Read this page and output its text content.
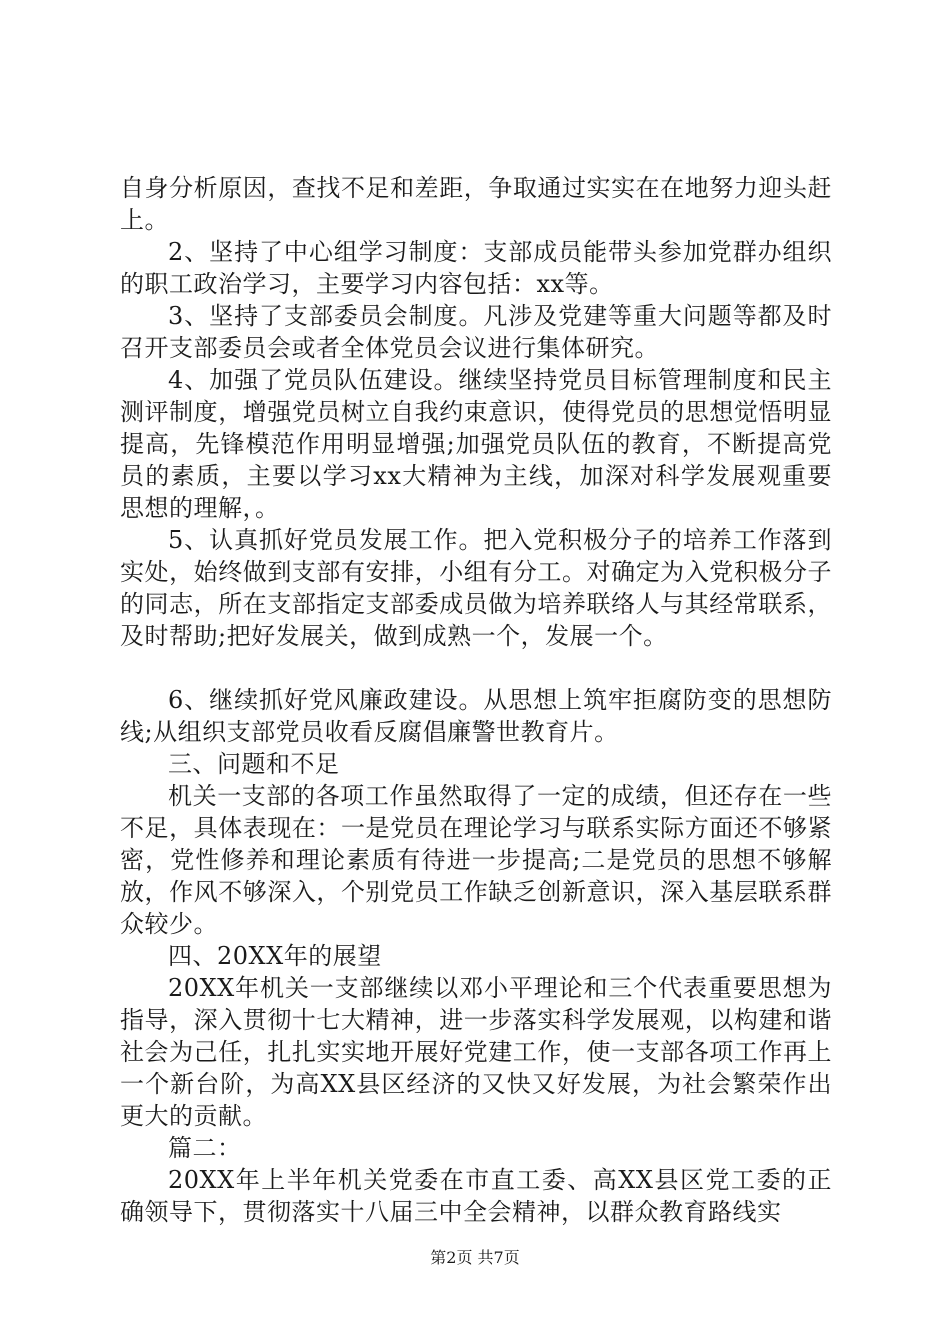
自身分析原因，查找不足和差距，争取通过实实在在地努力迎头赶上。

2、坚持了中心组学习制度：支部成员能带头参加党群办组织的职工政治学习，主要学习内容包括：xx等。

3、坚持了支部委员会制度。凡涉及党建等重大问题等都及时召开支部委员会或者全体党员会议进行集体研究。

4、加强了党员队伍建设。继续坚持党员目标管理制度和民主测评制度，增强党员树立自我约束意识，使得党员的思想觉悟明显提高，先锋模范作用明显增强;加强党员队伍的教育，不断提高党员的素质，主要以学习xx大精神为主线，加深对科学发展观重要思想的理解，。

5、认真抓好党员发展工作。把入党积极分子的培养工作落到实处，始终做到支部有安排，小组有分工。对确定为入党积极分子的同志，所在支部指定支部委成员做为培养联络人与其经常联系，及时帮助;把好发展关，做到成熟一个，发展一个。

6、继续抓好党风廉政建设。从思想上筑牢拒腐防变的思想防线;从组织支部党员收看反腐倡廉警世教育片。

三、问题和不足

机关一支部的各项工作虽然取得了一定的成绩，但还存在一些不足，具体表现在：一是党员在理论学习与联系实际方面还不够紧密，党性修养和理论素质有待进一步提高;二是党员的思想不够解放，作风不够深入，个别党员工作缺乏创新意识，深入基层联系群众较少。

四、20XX年的展望

20XX年机关一支部继续以邓小平理论和三个代表重要思想为指导，深入贯彻十七大精神，进一步落实科学发展观，以构建和谐社会为己任，扎扎实实地开展好党建工作，使一支部各项工作再上一个新台阶，为高XX县区经济的又快又好发展，为社会繁荣作出更大的贡献。

篇二：

20XX年上半年机关党委在市直工委、高XX县区党工委的正确领导下，贯彻落实十八届三中全会精神，以群众教育路线实

第2页 共7页
